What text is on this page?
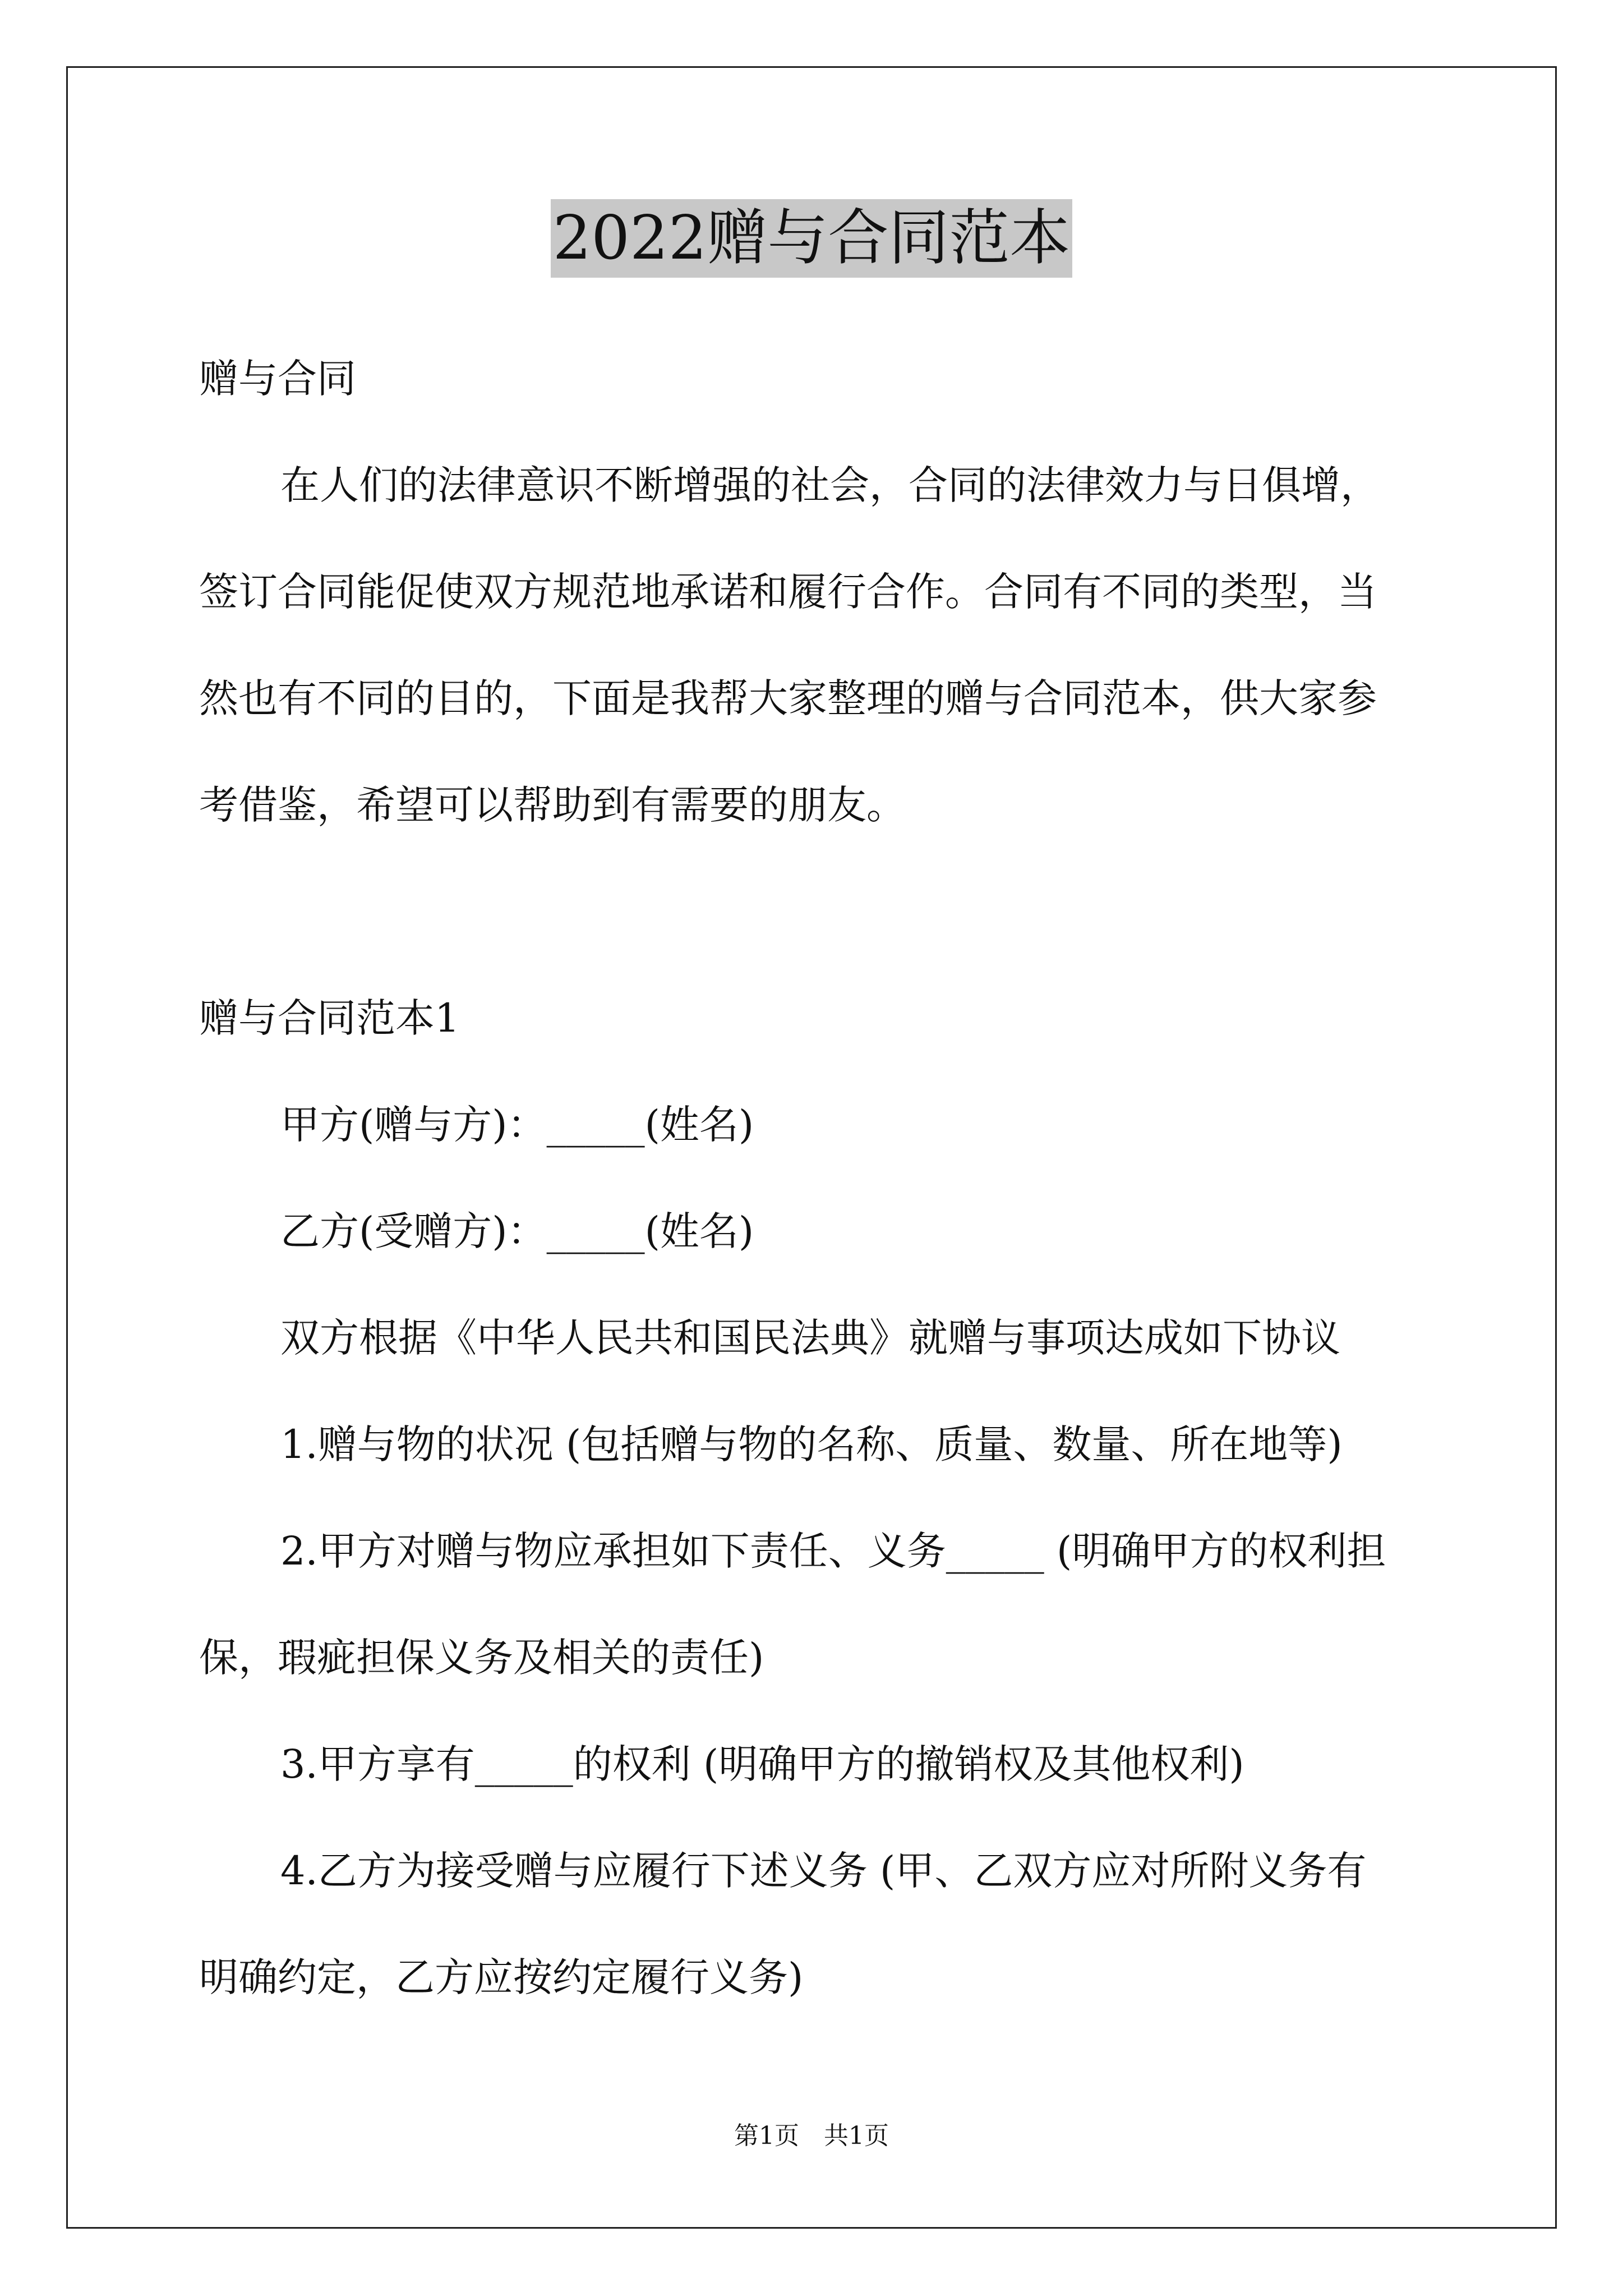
2022赠与合同范本
赠与合同
在人们的法律意识不断增强的社会，合同的法律效力与日俱增，
签订合同能促使双方规范地承诺和履行合作。合同有不同的类型，当
然也有不同的目的，下面是我帮大家整理的赠与合同范本，供大家参
考借鉴，希望可以帮助到有需要的朋友。
赠与合同范本1
甲方(赠与方)：_____(姓名)
乙方(受赠方)：_____(姓名)
双方根据《中华人民共和国民法典》就赠与事项达成如下协议
1.赠与物的状况 (包括赠与物的名称、质量、数量、所在地等)
2.甲方对赠与物应承担如下责任、义务_____ (明确甲方的权利担
保，瑕疵担保义务及相关的责任)
3.甲方享有_____的权利 (明确甲方的撤销权及其他权利)
4.乙方为接受赠与应履行下述义务 (甲、乙双方应对所附义务有
明确约定，乙方应按约定履行义务)
第1页　共1页
